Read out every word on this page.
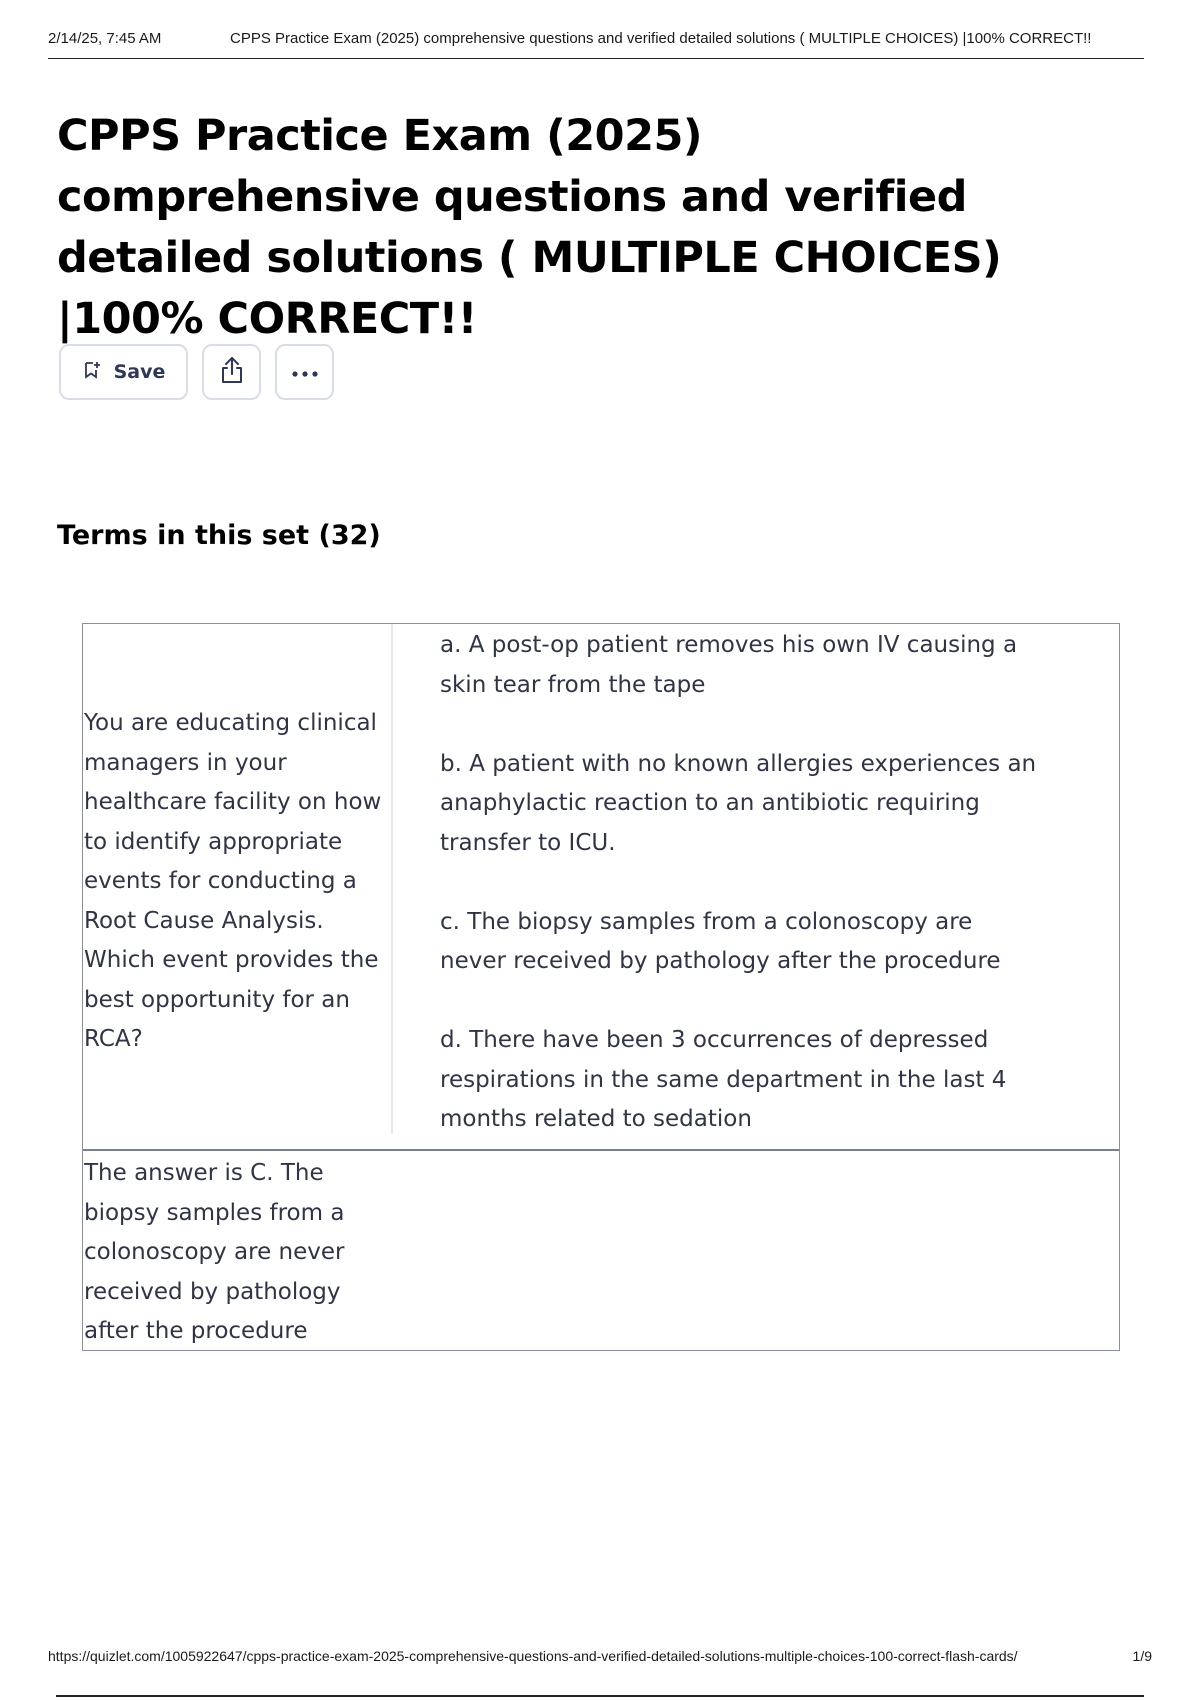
2/14/25, 7:45 AM	CPPS Practice Exam (2025) comprehensive questions and verified detailed solutions ( MULTIPLE CHOICES) |100% CORRECT!!
CPPS Practice Exam (2025) comprehensive questions and verified detailed solutions ( MULTIPLE CHOICES) |100% CORRECT!!
Save
Terms in this set (32)
You are educating clinical managers in your healthcare facility on how to identify appropriate events for conducting a Root Cause Analysis. Which event provides the best opportunity for an RCA?

a. A post-op patient removes his own IV causing a skin tear from the tape

b. A patient with no known allergies experiences an anaphylactic reaction to an antibiotic requiring transfer to ICU.

c. The biopsy samples from a colonoscopy are never received by pathology after the procedure

d. There have been 3 occurrences of depressed respirations in the same department in the last 4 months related to sedation

The answer is C. The biopsy samples from a colonoscopy are never received by pathology after the procedure
https://quizlet.com/1005922647/cpps-practice-exam-2025-comprehensive-questions-and-verified-detailed-solutions-multiple-choices-100-correct-flash-cards/	1/9
